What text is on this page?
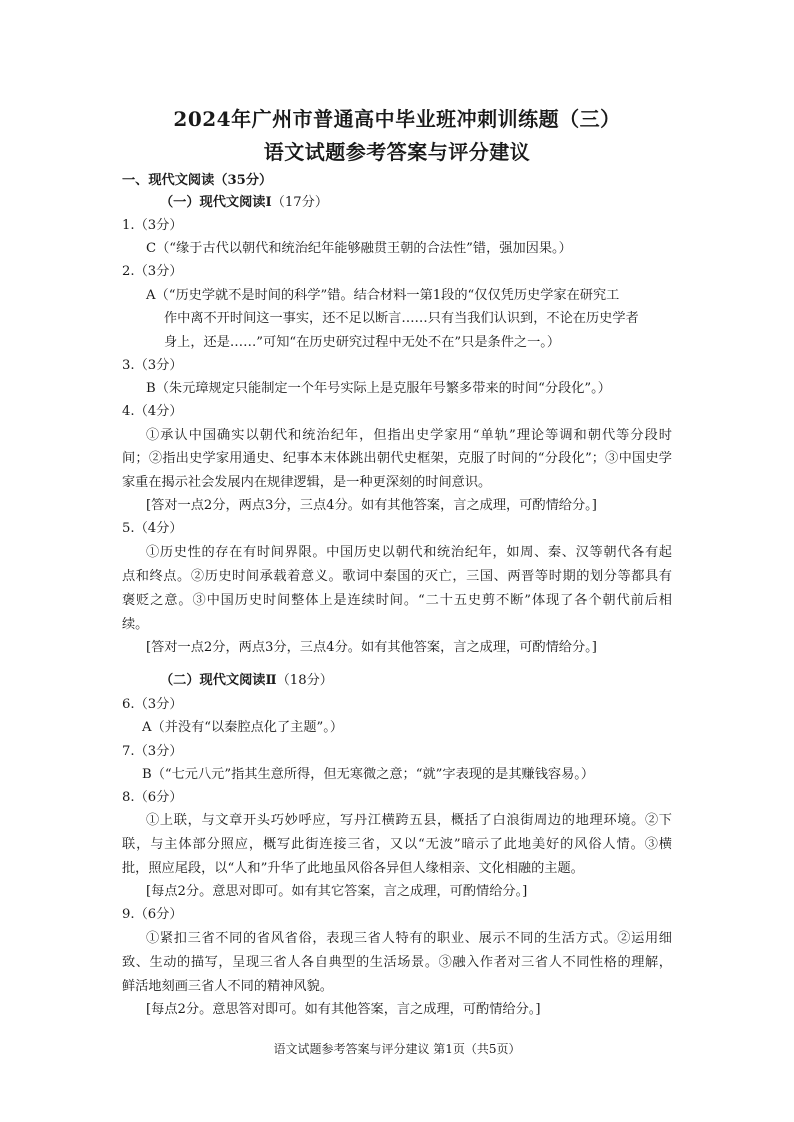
2024年广州市普通高中毕业班冲刺训练题（三）
语文试题参考答案与评分建议
一、现代文阅读（35分）
（一）现代文阅读Ⅰ（17分）
1.（3分）
C（“缘于古代以朝代和统治纪年能够融贯王朝的合法性”错，强加因果。）
2.（3分）
A（“历史学就不是时间的科学”错。结合材料一第1段的“仅仅凭历史学家在研究工
作中离不开时间这一事实，还不足以断言……只有当我们认识到，不论在历史学者
身上，还是……”可知“在历史研究过程中无处不在”只是条件之一。）
3.（3分）
B（朱元璋规定只能制定一个年号实际上是克服年号繁多带来的时间“分段化”。）
4.（4分）
①承认中国确实以朝代和统治纪年，但指出史学家用“单轨”理论等调和朝代等分段时
间；②指出史学家用通史、纪事本末体跳出朝代史框架，克服了时间的“分段化”；③中国史学
家重在揭示社会发展内在规律逻辑，是一种更深刻的时间意识。
[答对一点2分，两点3分，三点4分。如有其他答案，言之成理，可酌情给分。]
5.（4分）
①历史性的存在有时间界限。中国历史以朝代和统治纪年，如周、秦、汉等朝代各有起
点和终点。②历史时间承载着意义。歌词中秦国的灭亡，三国、两晋等时期的划分等都具有
褒贬之意。③中国历史时间整体上是连续时间。“二十五史剪不断”体现了各个朝代前后相
续。
[答对一点2分，两点3分，三点4分。如有其他答案，言之成理，可酌情给分。]
（二）现代文阅读Ⅱ（18分）
6.（3分）
A（并没有“以秦腔点化了主题”。）
7.（3分）
B（“七元八元”指其生意所得，但无寒微之意；“就”字表现的是其赚钱容易。）
8.（6分）
①上联，与文章开头巧妙呼应，写丹江横跨五县，概括了白浪街周边的地理环境。②下
联，与主体部分照应，概写此街连接三省，又以“无波”暗示了此地美好的风俗人情。③横
批，照应尾段，以“人和”升华了此地虽风俗各异但人缘相亲、文化相融的主题。
[每点2分。意思对即可。如有其它答案，言之成理，可酌情给分。]
9.（6分）
①紧扣三省不同的省风省俗，表现三省人特有的职业、展示不同的生活方式。②运用细
致、生动的描写，呈现三省人各自典型的生活场景。③融入作者对三省人不同性格的理解，
鲜活地刻画三省人不同的精神风貌。
[每点2分。意思答对即可。如有其他答案，言之成理，可酌情给分。]
语文试题参考答案与评分建议 第1页（共5页）
